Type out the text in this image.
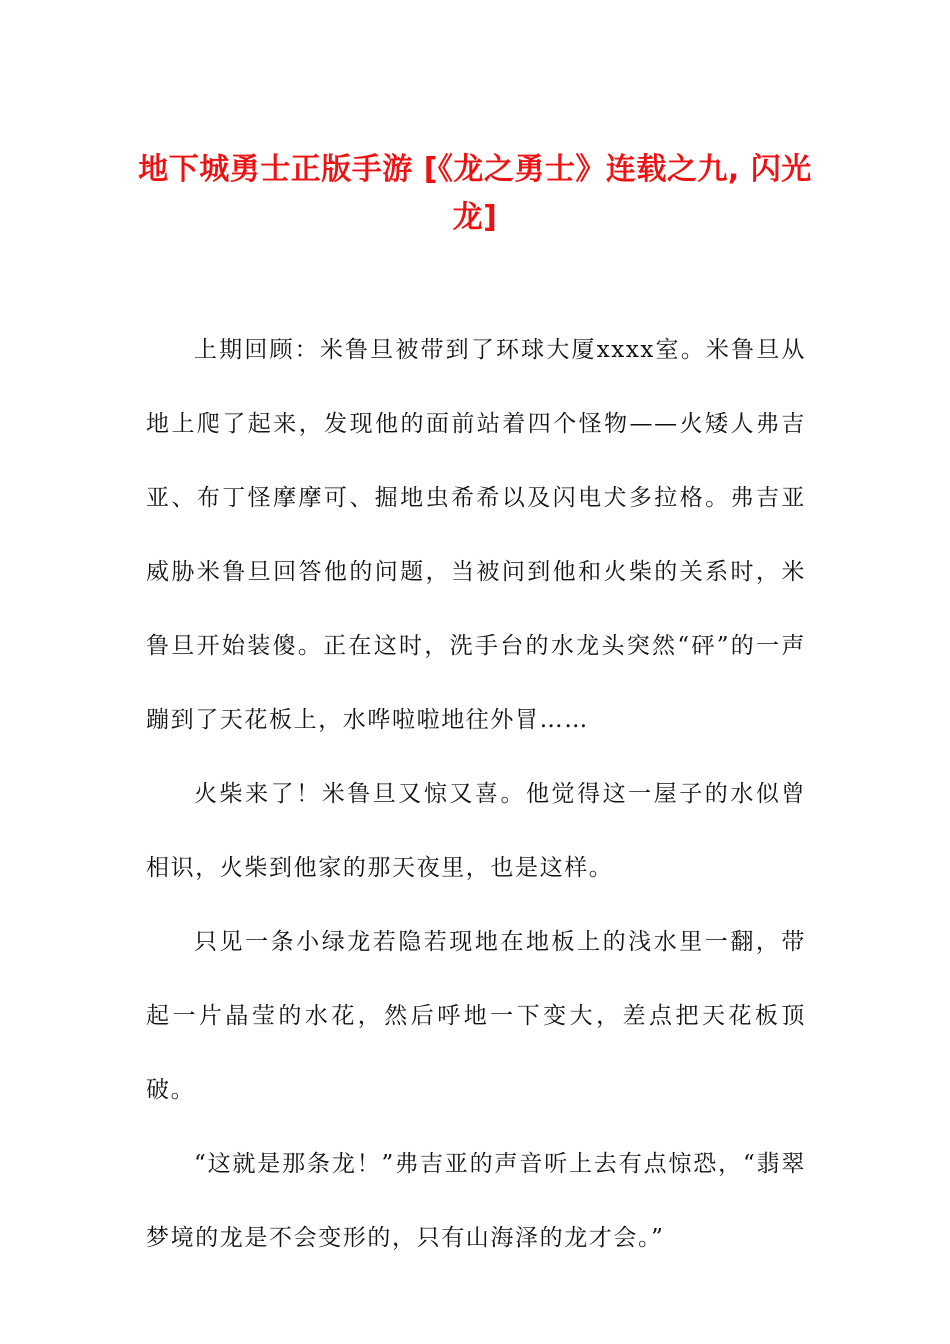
地下城勇士正版手游 [《龙之勇士》连载之九, 闪光龙]

上期回顾：米鲁旦被带到了环球大厦xxxx室。米鲁旦从地上爬了起来，发现他的面前站着四个怪物——火矮人弗吉亚、布丁怪摩摩可、掘地虫希希以及闪电犬多拉格。弗吉亚威胁米鲁旦回答他的问题，当被问到他和火柴的关系时，米鲁旦开始装傻。正在这时，洗手台的水龙头突然“砰”的一声蹦到了天花板上，水哗啦啦地往外冒……

火柴来了！米鲁旦又惊又喜。他觉得这一屋子的水似曾相识，火柴到他家的那天夜里，也是这样。

只见一条小绿龙若隐若现地在地板上的浅水里一翻，带起一片晶莹的水花，然后呼地一下变大，差点把天花板顶破。

“这就是那条龙！”弗吉亚的声音听上去有点惊恐，“翡翠梦境的龙是不会变形的，只有山海泽的龙才会。”
